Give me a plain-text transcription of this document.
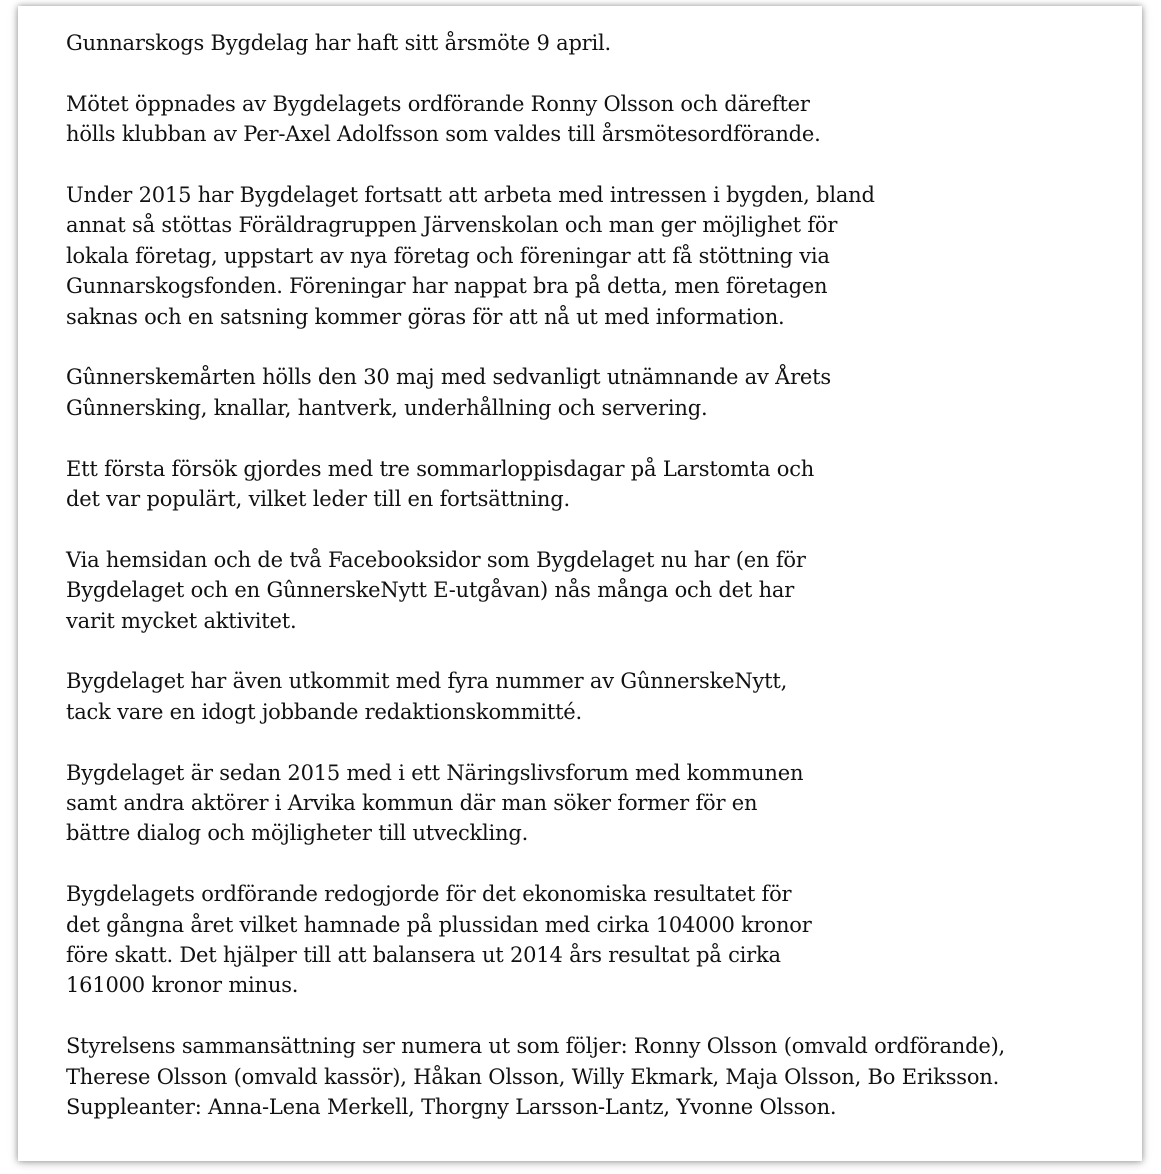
Gunnarskogs Bygdelag har haft sitt årsmöte 9 april.

Mötet öppnades av Bygdelagets ordförande Ronny Olsson och därefter
hölls klubban av Per-Axel Adolfsson som valdes till årsmötesordförande.

Under 2015 har Bygdelaget fortsatt att arbeta med intressen i bygden, bland
annat så stöttas Föräldragruppen Järvenskolan och man ger möjlighet för
lokala företag, uppstart av nya företag och föreningar att få stöttning via
Gunnarskogsfonden. Föreningar har nappat bra på detta, men företagen
saknas och en satsning kommer göras för att nå ut med information.

Gûnnerskemårten hölls den 30 maj med sedvanligt utnämnande av Årets
Gûnnersking, knallar, hantverk, underhållning och servering.

Ett första försök gjordes med tre sommarloppisdagar på Larstomta och
det var populärt, vilket leder till en fortsättning.

Via hemsidan och de två Facebooksidor som Bygdelaget nu har (en för
Bygdelaget och en GûnnerskeNytt E-utgåvan) nås många och det har
varit mycket aktivitet.

Bygdelaget har även utkommit med fyra nummer av GûnnerskeNytt,
tack vare en idogt jobbande redaktionskommitté.

Bygdelaget är sedan 2015 med i ett Näringslivsforum med kommunen
samt andra aktörer i Arvika kommun där man söker former för en
bättre dialog och möjligheter till utveckling.

Bygdelagets ordförande redogjorde för det ekonomiska resultatet för
det gångna året vilket hamnade på plussidan med cirka 104000 kronor
före skatt. Det hjälper till att balansera ut 2014 års resultat på cirka
161000 kronor minus.

Styrelsens sammansättning ser numera ut som följer: Ronny Olsson (omvald ordförande),
Therese Olsson (omvald kassör), Håkan Olsson, Willy Ekmark, Maja Olsson, Bo Eriksson.
Suppleanter: Anna-Lena Merkell, Thorgny Larsson-Lantz, Yvonne Olsson.
